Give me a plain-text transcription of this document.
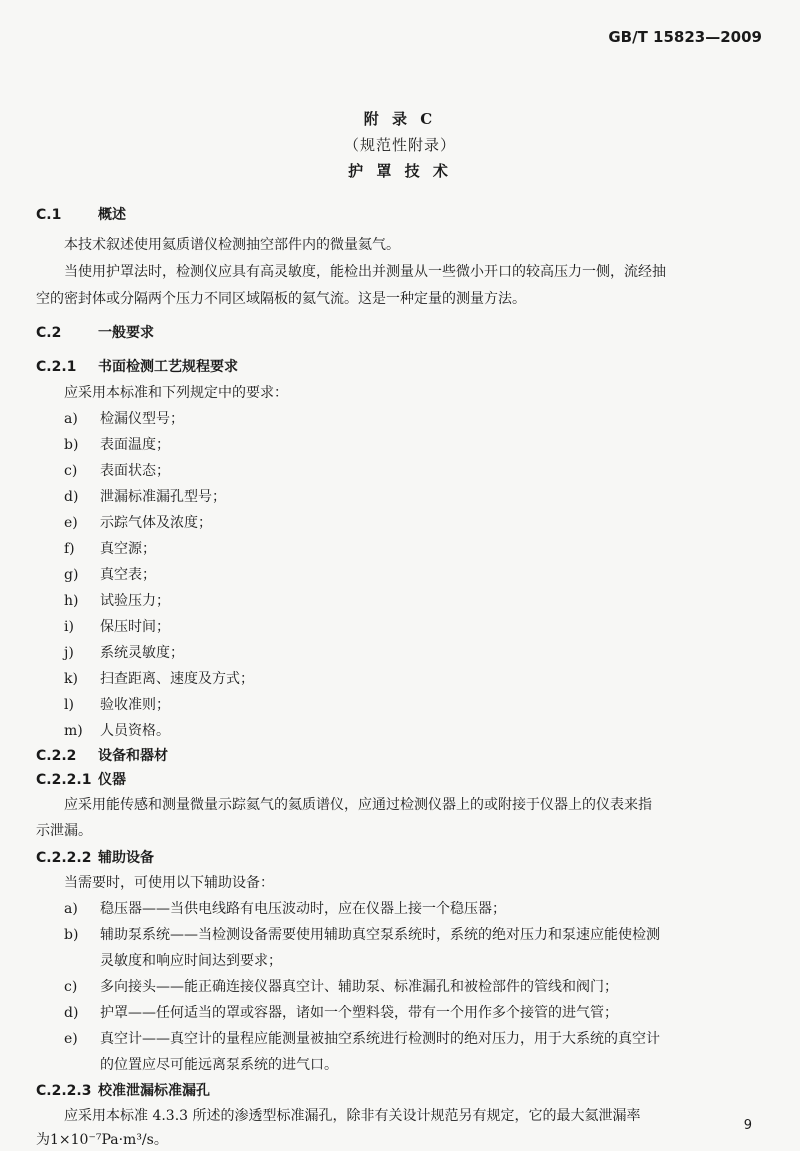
GB/T 15823—2009
附 录 C
（规范性附录）
护 罩 技 术
C.1	概述
本技术叙述使用氦质谱仪检测抽空部件内的微量氦气。
当使用护罩法时，检测仪应具有高灵敏度，能检出并测量从一些微小开口的较高压力一侧，流经抽
空的密封体或分隔两个压力不同区域隔板的氦气流。这是一种定量的测量方法。
C.2	一般要求
C.2.1 书面检测工艺规程要求
应采用本标准和下列规定中的要求：
a) 检漏仪型号；
b) 表面温度；
c) 表面状态；
d) 泄漏标准漏孔型号；
e) 示踪气体及浓度；
f) 真空源；
g) 真空表；
h) 试验压力；
i) 保压时间；
j) 系统灵敏度；
k) 扫查距离、速度及方式；
l) 验收准则；
m) 人员资格。
C.2.2 设备和器材
C.2.2.1 仪器
应采用能传感和测量微量示踪氦气的氦质谱仪，应通过检测仪器上的或附接于仪器上的仪表来指
示泄漏。
C.2.2.2 辅助设备
当需要时，可使用以下辅助设备：
a) 稳压器——当供电线路有电压波动时，应在仪器上接一个稳压器；
b) 辅助泵系统——当检测设备需要使用辅助真空泵系统时，系统的绝对压力和泵速应能使检测
灵敏度和响应时间达到要求；
c) 多向接头——能正确连接仪器真空计、辅助泵、标准漏孔和被检部件的管线和阀门；
d) 护罩——任何适当的罩或容器，诸如一个塑料袋，带有一个用作多个接管的进气管；
e) 真空计——真空计的量程应能测量被抽空系统进行检测时的绝对压力，用于大系统的真空计
的位置应尽可能远离泵系统的进气口。
C.2.2.3 校准泄漏标准漏孔
应采用本标准 4.3.3 所述的渗透型标准漏孔，除非有关设计规范另有规定，它的最大氦泄漏率
9
为1×10⁻⁷Pa·m³/s。
